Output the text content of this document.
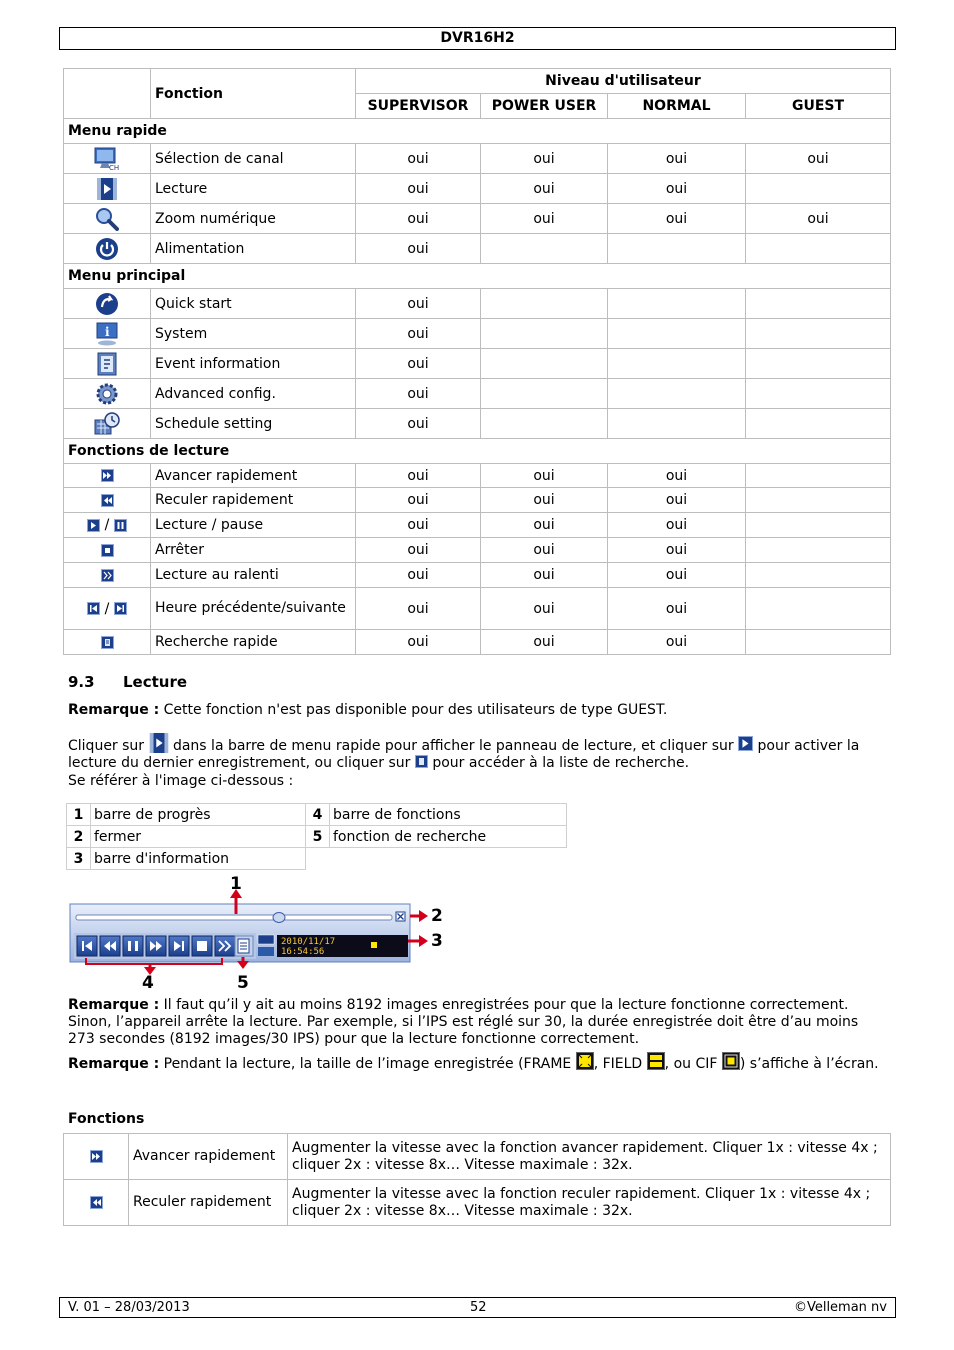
DVR16H2
	Fonction	Niveau d'utilisateur			
		SUPERVISOR	POWER USER	NORMAL	GUEST
Menu rapide					

CH	Sélection de canal	oui	oui	oui	oui
	Lecture	oui	oui	oui	
	Zoom numérique	oui	oui	oui	oui
	Alimentation	oui			
Menu principal					
	Quick start	oui			

i	System	oui			
	Event information	oui			
	Advanced config.	oui			
	Schedule setting	oui			
Fonctions de lecture					

	Avancer rapidement	oui	oui	oui	

	Reculer rapidement	oui	oui	oui	

/	Lecture / pause	oui	oui	oui	

	Arrêter	oui	oui	oui	

	Lecture au ralenti	oui	oui	oui	

/	Heure précédente/suivante	oui	oui	oui	

	Recherche rapide	oui	oui	oui	
9.3 Lecture

Remarque : Cette fonction n'est pas disponible pour des utilisateurs de type GUEST.

Cliquer sur  dans la barre de menu rapide pour afficher le panneau de lecture, et cliquer sur
pour activer la lecture du dernier enregistrement, ou cliquer sur
pour accéder à la liste de recherche.

Se référer à l'image ci-dessous :

1	barre de progrès	4	barre de fonctions
2	fermer	5	fonction de recherche
3	barre d'information		
2010/11/17
16:54:56
1
2
3
4	5

Remarque : Il faut qu’il y ait au moins 8192 images enregistrées pour que la lecture fonctionne correctement. Sinon, l’appareil arrête la lecture. Par exemple, si l’IPS est réglé sur 30, la durée enregistrée doit être d’au moins 273 secondes (8192 images/30 IPS) pour que la lecture fonctionne correctement.

Remarque : Pendant la lecture, la taille de l’image enregistrée (FRAME , FIELD , ou CIF ) s’affiche à l’écran.

Fonctions
	Avancer rapidement	Augmenter la vitesse avec la fonction avancer rapidement. Cliquer 1x : vitesse 4x ; cliquer 2x : vitesse 8x… Vitesse maximale : 32x.

	Reculer rapidement	Augmenter la vitesse avec la fonction reculer rapidement. Cliquer 1x : vitesse 4x ; cliquer 2x : vitesse 8x… Vitesse maximale : 32x.
V. 01 – 28/03/2013	52	©Velleman nv
